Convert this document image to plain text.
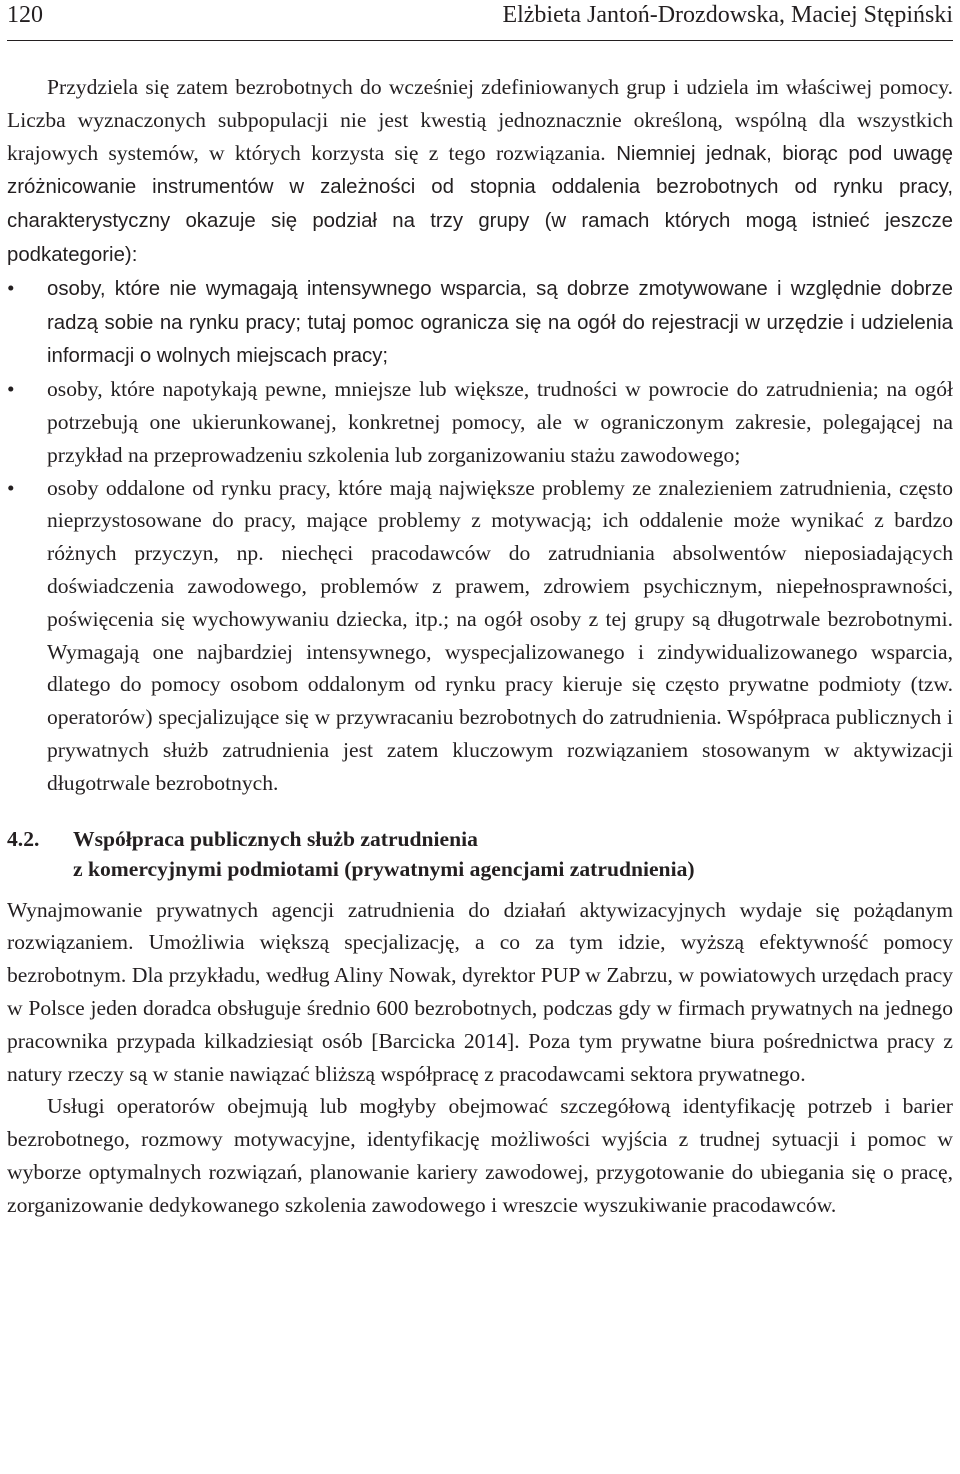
120	Elżbieta Jantoń-Drozdowska, Maciej Stępiński

Przydziela się zatem bezrobotnych do wcześniej zdefiniowanych grup i udziela im właściwej pomocy. Liczba wyznaczonych subpopulacji nie jest kwestią jednoznacznie określoną, wspólną dla wszystkich krajowych systemów, w których korzysta się z tego rozwiązania. Niemniej jednak, biorąc pod uwagę zróżnicowanie instrumentów w zależności od stopnia oddalenia bezrobotnych od rynku pracy, charakterystyczny okazuje się podział na trzy grupy (w ramach których mogą istnieć jeszcze podkategorie):

•	osoby, które nie wymagają intensywnego wsparcia, są dobrze zmotywowane i względnie dobrze radzą sobie na rynku pracy; tutaj pomoc ogranicza się na ogół do rejestracji w urzędzie i udzielenia informacji o wolnych miejscach pracy;
•	osoby, które napotykają pewne, mniejsze lub większe, trudności w powrocie do zatrudnienia; na ogół potrzebują one ukierunkowanej, konkretnej pomocy, ale w ograniczonym zakresie, polegającej na przykład na przeprowadzeniu szkolenia lub zorganizowaniu stażu zawodowego;
•	osoby oddalone od rynku pracy, które mają największe problemy ze znalezieniem zatrudnienia, często nieprzystosowane do pracy, mające problemy z motywacją; ich oddalenie może wynikać z bardzo różnych przyczyn, np. niechęci pracodawców do zatrudniania absolwentów nieposiadających doświadczenia zawodowego, problemów z prawem, zdrowiem psychicznym, niepełnosprawności, poświęcenia się wychowywaniu dziecka, itp.; na ogół osoby z tej grupy są długotrwale bezrobotnymi. Wymagają one najbardziej intensywnego, wyspecjalizowanego i zindywidualizowanego wsparcia, dlatego do pomocy osobom oddalonym od rynku pracy kieruje się często prywatne podmioty (tzw. operatorów) specjalizujące się w przywracaniu bezrobotnych do zatrudnienia. Współpraca publicznych i prywatnych służb zatrudnienia jest zatem kluczowym rozwiązaniem stosowanym w aktywizacji długotrwale bezrobotnych.
4.2.	Współpraca publicznych służb zatrudnienia
z komercyjnymi podmiotami (prywatnymi agencjami zatrudnienia)

Wynajmowanie prywatnych agencji zatrudnienia do działań aktywizacyjnych wydaje się pożądanym rozwiązaniem. Umożliwia większą specjalizację, a co za tym idzie, wyższą efektywność pomocy bezrobotnym. Dla przykładu, według Aliny Nowak, dyrektor PUP w Zabrzu, w powiatowych urzędach pracy w Polsce jeden doradca obsługuje średnio 600 bezrobotnych, podczas gdy w firmach prywatnych na jednego pracownika przypada kilkadziesiąt osób [Barcicka 2014]. Poza tym prywatne biura pośrednictwa pracy z natury rzeczy są w stanie nawiązać bliższą współpracę z pracodawcami sektora prywatnego.

Usługi operatorów obejmują lub mogłyby obejmować szczegółową identyfikację potrzeb i barier bezrobotnego, rozmowy motywacyjne, identyfikację możliwości wyjścia z trudnej sytuacji i pomoc w wyborze optymalnych rozwiązań, planowanie kariery zawodowej, przygotowanie do ubiegania się o pracę, zorganizowanie dedykowanego szkolenia zawodowego i wreszcie wyszukiwanie pracodawców.
